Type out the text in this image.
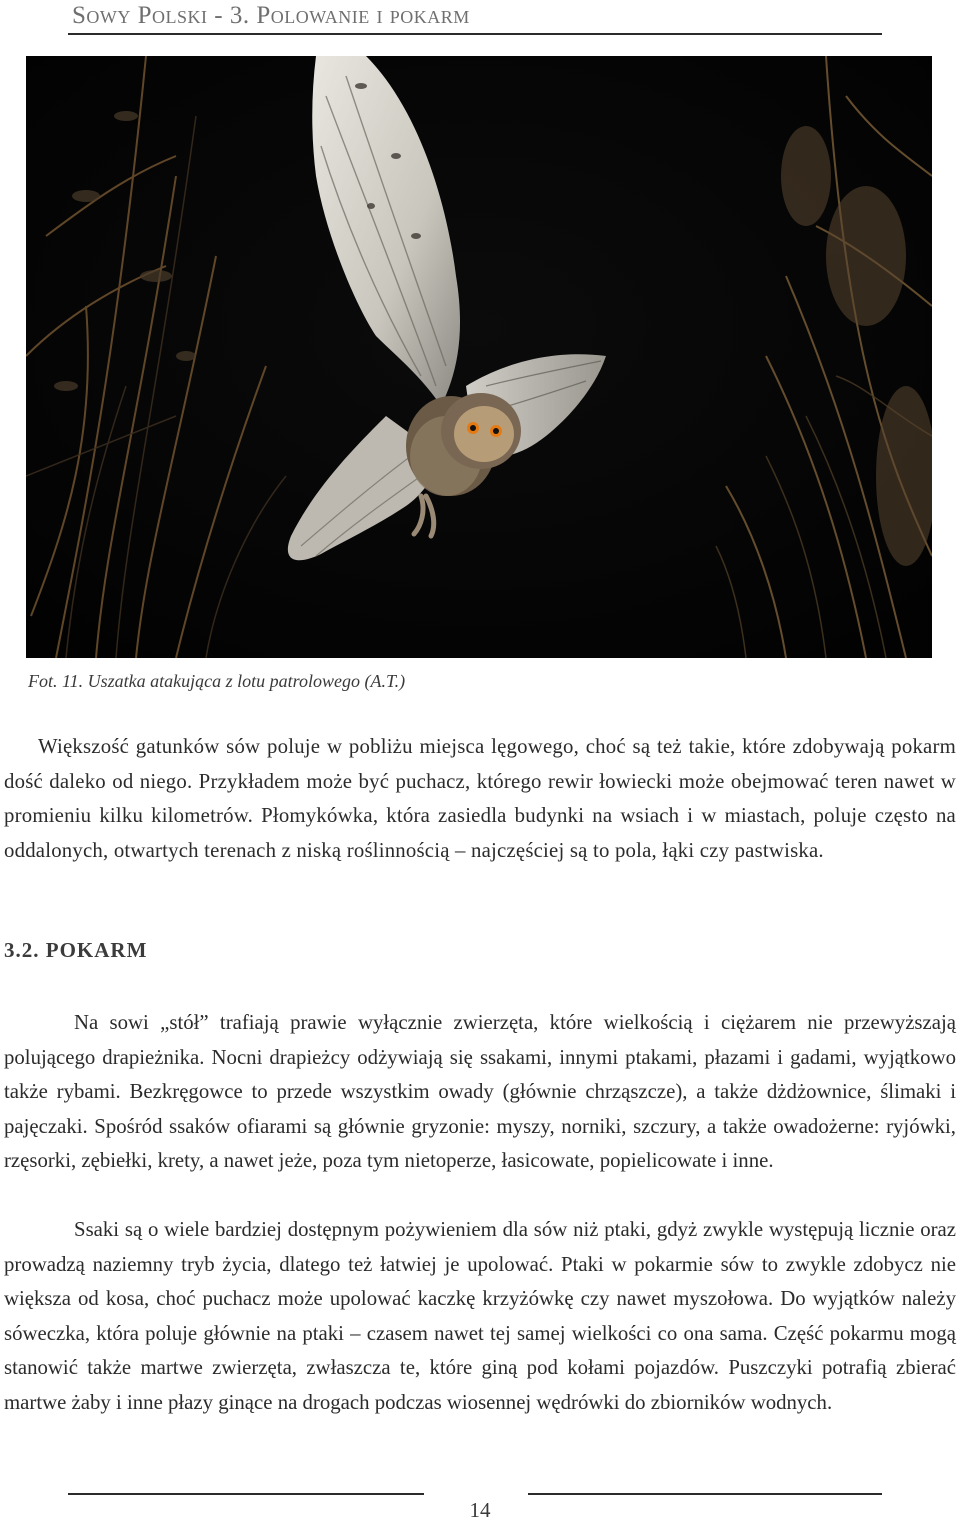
Sowy Polski - 3. Polowanie i pokarm
Fot. 11. Uszatka atakująca z lotu patrolowego (A.T.)

Większość gatunków sów poluje w pobliżu miejsca lęgowego, choć są też takie, które zdobywają pokarm dość daleko od niego. Przykładem może być puchacz, którego rewir łowiecki może obejmować teren nawet w promieniu kilku kilometrów. Płomykówka, która zasiedla budynki na wsiach i w miastach, poluje często na oddalonych, otwartych terenach z niską roślinnością – najczęściej są to pola, łąki czy pastwiska.

3.2. POKARM

Na sowi „stół” trafiają prawie wyłącznie zwierzęta, które wielkością i ciężarem nie przewyższają polującego drapieżnika. Nocni drapieżcy odżywiają się ssakami, innymi ptakami, płazami i gadami, wyjątkowo także rybami. Bezkręgowce to przede wszystkim owady (głównie chrząszcze), a także dżdżownice, ślimaki i pajęczaki. Spośród ssaków ofiarami są głównie gryzonie: myszy, norniki, szczury, a także owadożerne: ryjówki, rzęsorki, zębiełki, krety, a nawet jeże, poza tym nietoperze, łasicowate, popielicowate i inne.

Ssaki są o wiele bardziej dostępnym pożywieniem dla sów niż ptaki, gdyż zwykle występują licznie oraz prowadzą naziemny tryb życia, dlatego też łatwiej je upolować. Ptaki w pokarmie sów to zwykle zdobycz nie większa od kosa, choć puchacz może upolować kaczkę krzyżówkę czy nawet myszołowa. Do wyjątków należy sóweczka, która poluje głównie na ptaki – czasem nawet tej samej wielkości co ona sama. Część pokarmu mogą stanowić także martwe zwierzęta, zwłaszcza te, które giną pod kołami pojazdów. Puszczyki potrafią zbierać martwe żaby i inne płazy ginące na drogach podczas wiosennej wędrówki do zbiorników wodnych.

14
